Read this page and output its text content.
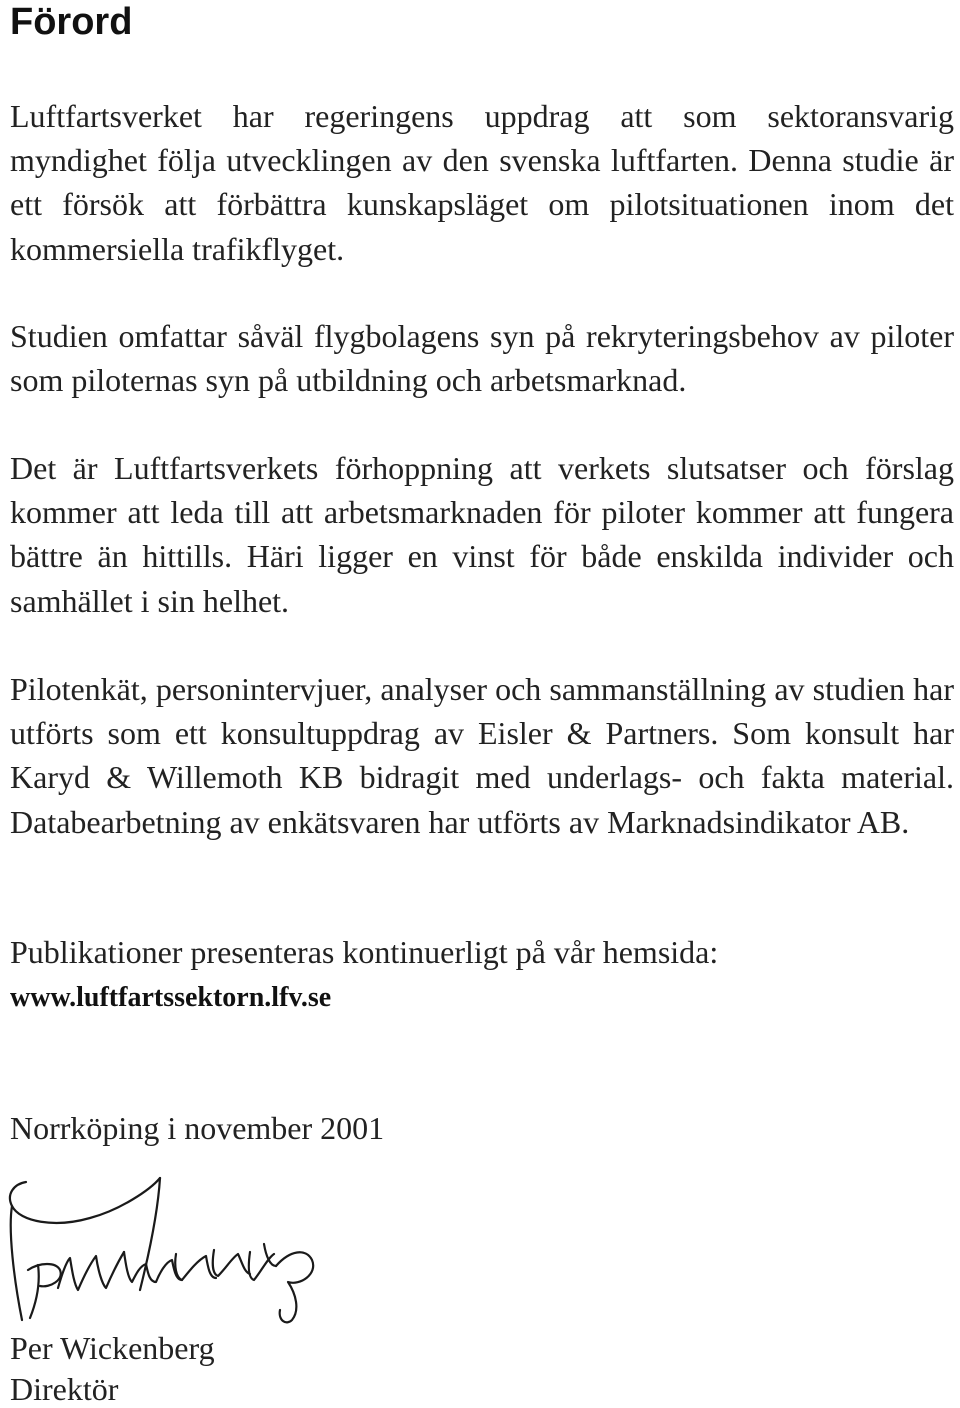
Förord

Luftfartsverket har regeringens uppdrag att som sektoransvarig myndighet följa utvecklingen av den svenska luftfarten. Denna studie är ett försök att förbättra kunskapsläget om pilotsituationen inom det kommersiella trafikflyget.

Studien omfattar såväl flygbolagens syn på rekryteringsbehov av piloter som piloternas syn på utbildning och arbetsmarknad.

Det är Luftfartsverkets förhoppning att verkets slutsatser och förslag kommer att leda till att arbetsmarknaden för piloter kommer att fungera bättre än hittills. Häri ligger en vinst för både enskilda individer och samhället i sin helhet.

Pilotenkät, personintervjuer, analyser och sammanställning av studien har utförts som ett konsultuppdrag av Eisler & Partners. Som konsult har Karyd & Willemoth KB bidragit med underlags- och fakta material. Databearbetning av enkätsvaren har utförts av Marknadsindikator AB.

Publikationer presenteras kontinuerligt på vår hemsida:

www.luftfartssektorn.lfv.se

Norrköping i november 2001

Per Wickenberg
Direktör
